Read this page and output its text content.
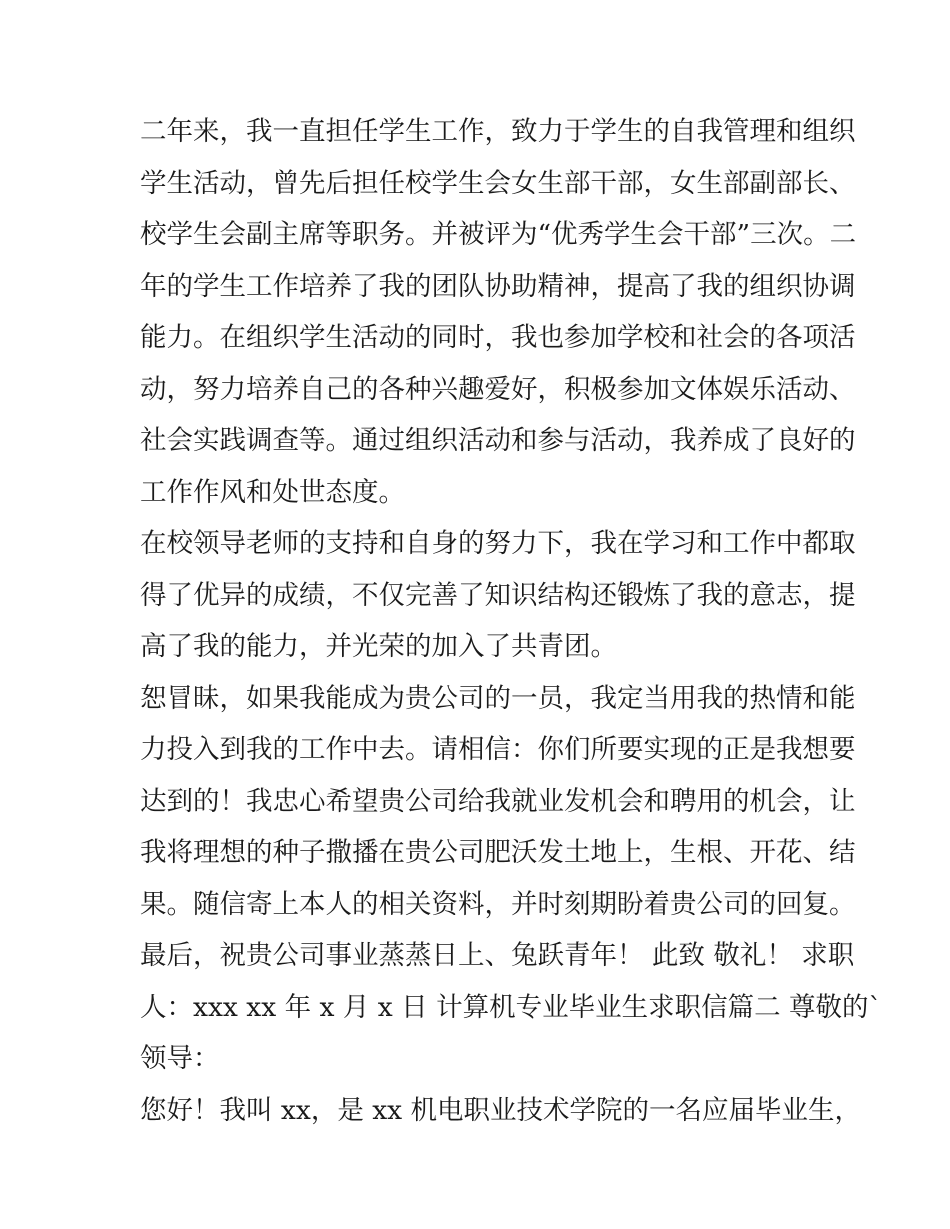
二年来，我一直担任学生工作，致力于学生的自我管理和组织
学生活动，曾先后担任校学生会女生部干部，女生部副部长、
校学生会副主席等职务。并被评为“优秀学生会干部”三次。二
年的学生工作培养了我的团队协助精神，提高了我的组织协调
能力。在组织学生活动的同时，我也参加学校和社会的各项活
动，努力培养自己的各种兴趣爱好，积极参加文体娱乐活动、
社会实践调查等。通过组织活动和参与活动，我养成了良好的
工作作风和处世态度。
在校领导老师的支持和自身的努力下，我在学习和工作中都取
得了优异的成绩，不仅完善了知识结构还锻炼了我的意志，提
高了我的能力，并光荣的加入了共青团。
恕冒昧，如果我能成为贵公司的一员，我定当用我的热情和能
力投入到我的工作中去。请相信：你们所要实现的正是我想要
达到的！我忠心希望贵公司给我就业发机会和聘用的机会，让
我将理想的种子撒播在贵公司肥沃发土地上，生根、开花、结
果。随信寄上本人的相关资料，并时刻期盼着贵公司的回复。
最后，祝贵公司事业蒸蒸日上、兔跃青年！ 此致 敬礼！ 求职
人：xxx xx 年 x 月 x 日 计算机专业毕业生求职信篇二 尊敬的`
领导：
您好！我叫 xx，是 xx 机电职业技术学院的一名应届毕业生，
